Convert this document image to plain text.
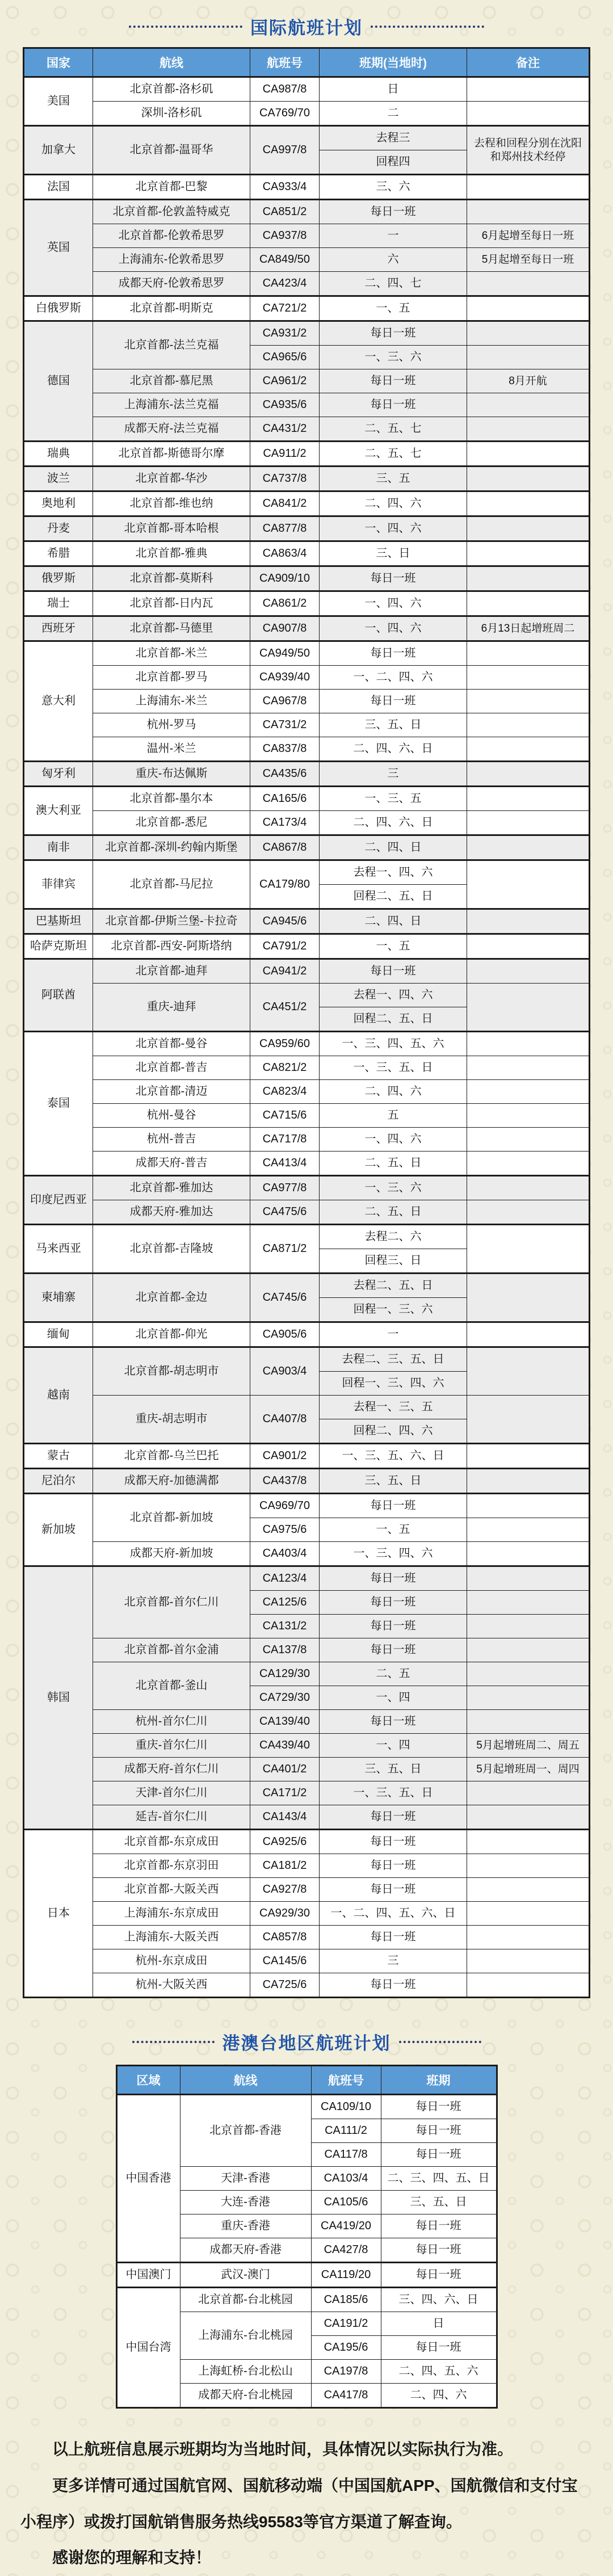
国际航班计划
国家	航线	航班号	班期(当地时)	备注
美国	北京首都-洛杉矶	CA987/8	日	
	深圳-洛杉矶	CA769/70	二	
加拿大	北京首都-温哥华	CA997/8	去程三	去程和回程分别在沈阳和郑州技术经停
			回程四	
法国	北京首都-巴黎	CA933/4	三、六	
英国	北京首都-伦敦盖特威克	CA851/2	每日一班	
	北京首都-伦敦希思罗	CA937/8	一	6月起增至每日一班
	上海浦东-伦敦希思罗	CA849/50	六	5月起增至每日一班
	成都天府-伦敦希思罗	CA423/4	二、四、七	
白俄罗斯	北京首都-明斯克	CA721/2	一、五	
德国	北京首都-法兰克福	CA931/2	每日一班	
		CA965/6	一、三、六	
	北京首都-慕尼黑	CA961/2	每日一班	8月开航
	上海浦东-法兰克福	CA935/6	每日一班	
	成都天府-法兰克福	CA431/2	二、五、七	
瑞典	北京首都-斯德哥尔摩	CA911/2	二、五、七	
波兰	北京首都-华沙	CA737/8	三、五	
奥地利	北京首都-维也纳	CA841/2	二、四、六	
丹麦	北京首都-哥本哈根	CA877/8	一、四、六	
希腊	北京首都-雅典	CA863/4	三、日	
俄罗斯	北京首都-莫斯科	CA909/10	每日一班	
瑞士	北京首都-日内瓦	CA861/2	一、四、六	
西班牙	北京首都-马德里	CA907/8	一、四、六	6月13日起增班周二
意大利	北京首都-米兰	CA949/50	每日一班	
	北京首都-罗马	CA939/40	一、二、四、六	
	上海浦东-米兰	CA967/8	每日一班	
	杭州-罗马	CA731/2	三、五、日	
	温州-米兰	CA837/8	二、四、六、日	
匈牙利	重庆-布达佩斯	CA435/6	三	
澳大利亚	北京首都-墨尔本	CA165/6	一、三、五	
	北京首都-悉尼	CA173/4	二、四、六、日	
南非	北京首都-深圳-约翰内斯堡	CA867/8	二、四、日	
菲律宾	北京首都-马尼拉	CA179/80	去程一、四、六	
			回程二、五、日	
巴基斯坦	北京首都-伊斯兰堡-卡拉奇	CA945/6	二、四、日	
哈萨克斯坦	北京首都-西安-阿斯塔纳	CA791/2	一、五	
阿联酋	北京首都-迪拜	CA941/2	每日一班	
	重庆-迪拜	CA451/2	去程一、四、六	
			回程二、五、日	
泰国	北京首都-曼谷	CA959/60	一、三、四、五、六	
	北京首都-普吉	CA821/2	一、三、五、日	
	北京首都-清迈	CA823/4	二、四、六	
	杭州-曼谷	CA715/6	五	
	杭州-普吉	CA717/8	一、四、六	
	成都天府-普吉	CA413/4	二、五、日	
印度尼西亚	北京首都-雅加达	CA977/8	一、三、六	
	成都天府-雅加达	CA475/6	二、五、日	
马来西亚	北京首都-吉隆坡	CA871/2	去程二、六	
			回程三、日	
柬埔寨	北京首都-金边	CA745/6	去程二、五、日	
			回程一、三、六	
缅甸	北京首都-仰光	CA905/6	一	
越南	北京首都-胡志明市	CA903/4	去程二、三、五、日	
			回程一、三、四、六	
	重庆-胡志明市	CA407/8	去程一、三、五	
			回程二、四、六	
蒙古	北京首都-乌兰巴托	CA901/2	一、三、五、六、日	
尼泊尔	成都天府-加德满都	CA437/8	三、五、日	
新加坡	北京首都-新加坡	CA969/70	每日一班	
		CA975/6	一、五	
	成都天府-新加坡	CA403/4	一、三、四、六	
韩国	北京首都-首尔仁川	CA123/4	每日一班	
		CA125/6	每日一班	
		CA131/2	每日一班	
	北京首都-首尔金浦	CA137/8	每日一班	
	北京首都-釜山	CA129/30	二、五	
		CA729/30	一、四	
	杭州-首尔仁川	CA139/40	每日一班	
	重庆-首尔仁川	CA439/40	一、四	5月起增班周二、周五
	成都天府-首尔仁川	CA401/2	三、五、日	5月起增班周一、周四
	天津-首尔仁川	CA171/2	一、三、五、日	
	延吉-首尔仁川	CA143/4	每日一班	
日本	北京首都-东京成田	CA925/6	每日一班	
	北京首都-东京羽田	CA181/2	每日一班	
	北京首都-大阪关西	CA927/8	每日一班	
	上海浦东-东京成田	CA929/30	一、二、四、五、六、日	
	上海浦东-大阪关西	CA857/8	每日一班	
	杭州-东京成田	CA145/6	三	
	杭州-大阪关西	CA725/6	每日一班	
港澳台地区航班计划
区域	航线	航班号	班期
中国香港	北京首都-香港	CA109/10	每日一班
		CA111/2	每日一班
		CA117/8	每日一班
	天津-香港	CA103/4	二、三、四、五、日
	大连-香港	CA105/6	三、五、日
	重庆-香港	CA419/20	每日一班
	成都天府-香港	CA427/8	每日一班
中国澳门	武汉-澳门	CA119/20	每日一班
中国台湾	北京首都-台北桃园	CA185/6	三、四、六、日
	上海浦东-台北桃园	CA191/2	日
		CA195/6	每日一班
	上海虹桥-台北松山	CA197/8	二、四、五、六
	成都天府-台北桃园	CA417/8	二、四、六

以上航班信息展示班期均为当地时间，具体情况以实际执行为准。

更多详情可通过国航官网、国航移动端（中国国航APP、国航微信和支付宝小程序）或拨打国航销售服务热线95583等官方渠道了解查询。

感谢您的理解和支持！
